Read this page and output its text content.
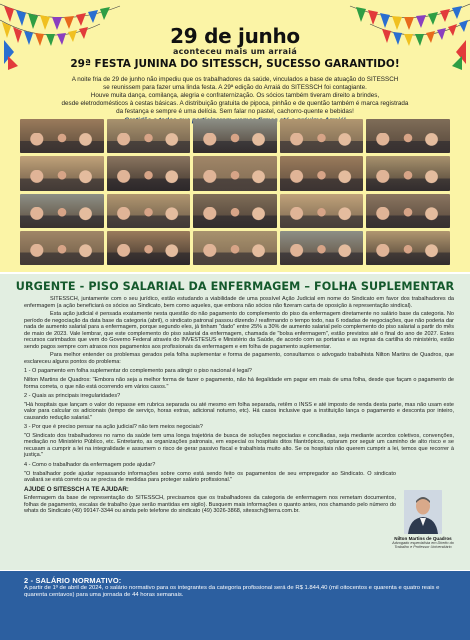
29 de junho
aconteceu mais um arraiá
29ª FESTA JUNINA DO SITESSCH, SUCESSO GARANTIDO!

A noite fria de 29 de junho não impediu que os trabalhadores da saúde, vinculados a base de atuação do SITESSCH

se reunissem para fazer uma linda festa. A 29ª edição do Arraiá do SITESSCH foi contagiante.

Houve muita dança, comilança, alegria e confraternização. Os sócios também tiveram direito a brindes,

desde eletrodomésticos à cestas básicas. A distribuição gratuita de pipoca, pinhão e de quentão também é marca registrada

da festança e sempre é uma delícia. Sem falar no pastel, cachorro-quente e bebidas!

URGENTE - PISO SALARIAL DA ENFERMAGEM – FOLHA SUPLEMENTAR

SITESSCH, juntamente com o seu jurídico, estão estudando a viabilidade de uma possível Ação Judicial em nome do Sindicato em favor dos trabalhadores da enfermagem (a ação beneficiará os sócios ao Sindicato, bem como aqueles, que embora não sócios não fizeram carta de oposição à representação sindical).

Esta ação judicial é pensada exatamente nesta questão do não pagamento do complemento do piso da enfermagem diretamente no salário base da categoria. No período de negociação da data base da categoria (abril), o sindicato patronal passou dizendo / reafirmando o tempo todo, nas 6 rodadas de negociações, que não poderia dar nada de aumento salarial para a enfermagem, porque segundo eles, já tinham "dado" entre 25% a 30% de aumento salarial pelo complemento do piso salarial a partir do mês de maio de 2023. Vale lembrar, que este complemento do piso salarial da enfermagem, chamada de "bolsa enfermagem", estão previstos até o final do ano de 2027. Estes recursos carimbados que vem do Governo Federal através do INVESTESUS e Ministério da Saúde, de acordo com as portarias e as regras da cartilha do ministério, estão sendo pagos sempre com atrasos nos pagamentos aos profissionais da enfermagem e em folha de pagamento suplementar.

Para melhor entender os problemas gerados pela folha suplementar e forma de pagamento, consultamos o advogado trabalhista Nilton Martins de Quadros, que esclareceu alguns pontos do problema:

1 - O pagamento em folha suplementar do complemento para atingir o piso nacional é legal?

Nilton Martins de Quadros: "Embora não seja a melhor forma de fazer o pagamento, não há ilegalidade em pagar em mais de uma folha, desde que façam o pagamento de forma correta, o que não está ocorrendo em vários casos."

2 - Quais as principais irregularidades?

"Há hospitais que lançam o valor do repasse em rubrica separada ou até mesmo em folha separada, retêm o INSS e até imposto de renda desta parte, mas não usam este valor para calcular os adicionais (tempo de serviço, horas extras, adicional noturno, etc). Há casos inclusive que a instituição lança o pagamento e desconta por inteiro, causando redução salarial."

3 - Por que é preciso pensar na ação judicial? não tem meios negociais?

"O Sindicato dos trabalhadores no ramo da saúde tem uma longa trajetória de busca de soluções negociadas e conciliadas, seja mediante acordos coletivos, convenções, mediação no Ministério Público, etc. Entretanto, as organizações patronais, em especial os hospitais ditos filantrópicos, optaram por seguir um caminho de alto risco e se recusam a cumprir a lei na integralidade e assumem o risco de gerar passivo fiscal e trabalhista muito alto. Se os hospitais não querem cumprir a lei, temos que recorrer à justiça."

4 - Como o trabalhador da enfermagem pode ajudar?

"O trabalhador pode ajudar repassando informações sobre como está sendo feito os pagamentos de seu empregador ao Sindicato. O sindicato avaliará se está correto ou se precisa de medidas para proteger salário profissional."

AJUDE O SITESSCH A TE AJUDAR:

Enfermagem da base de representação do SITESSCH, precisamos que os trabalhadores da categoria de enfermagem nos remetam documentos, folhas de pagamento, escalas de trabalho (que serão mantidas em sigilo). Busquem mais informações o quanto antes, nos chamando pelo número do whats do Sindicato (49) 99147-3344 ou ainda pelo telefone do sindicato (49) 3026-3868, sitessch@terra.com.br.

Nilton Martins de Quadros
Advogado especialista em Direito do Trabalho e Professor Universitário
2 - SALÁRIO NORMATIVO:
A partir de 1º de abril de 2024, o salário normativo para os integrantes da categoria profissional será de R$ 1.844,40 (mil oitocentos e quarenta e quatro reais e quarenta centavos) para uma jornada de 44 horas semanais.
